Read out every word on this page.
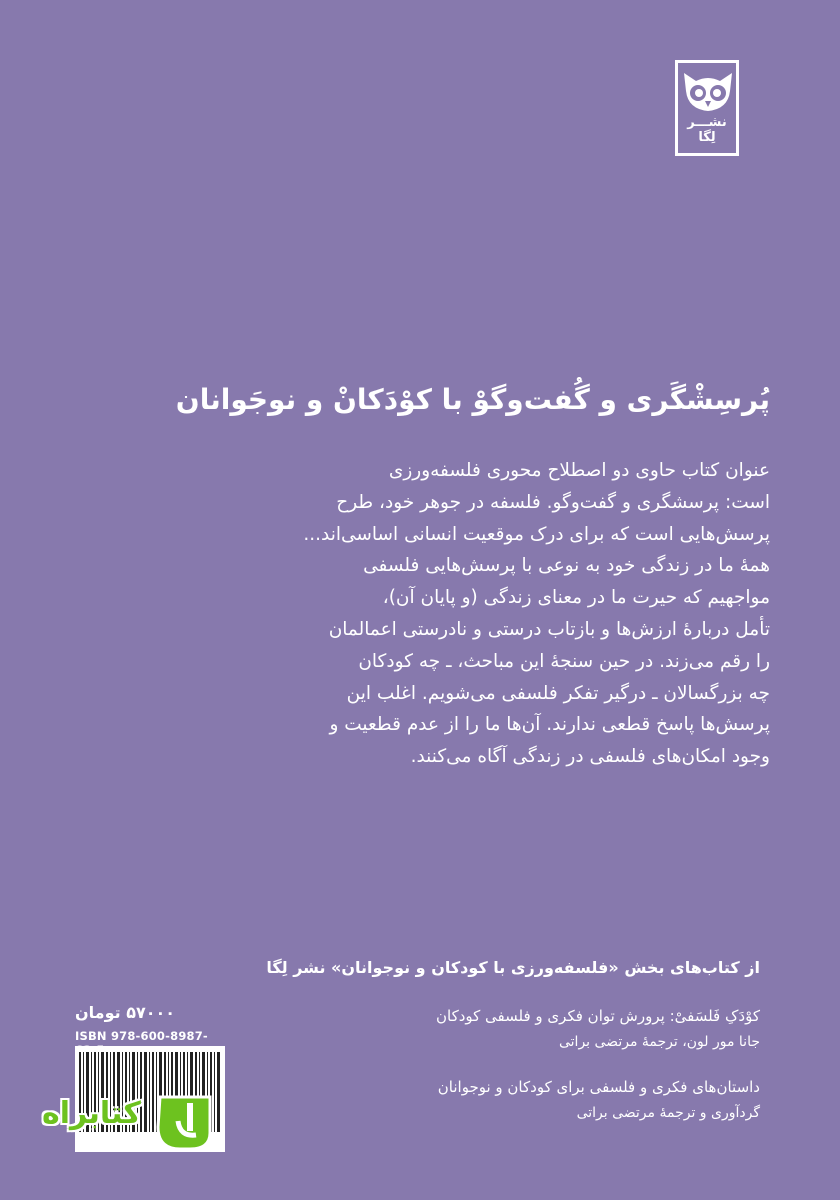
نشـــر لِگا
پُرسِشْگَری و گُفت‌وگوْ با کوْدَکانْ و نوجَوانان
عنوان کتاب حاوی دو اصطلاح محوری فلسفه‌ورزی
است: پرسشگری و گفت‌وگو. فلسفه در جوهر خود، طرح
پرسش‌هایی است که برای درک موقعیت انسانی اساسی‌اند...
همهٔ ما در زندگی خود به نوعی با پرسش‌هایی فلسفی
مواجهیم که حیرت ما در معنای زندگی (و پایان آن)،
تأمل دربارهٔ ارزش‌ها و بازتاب درستی و نادرستی اعمالمان
را رقم می‌زند. در حین سنجهٔ این مباحث، ـ چه کودکان
چه بزرگسالان ـ درگیر تفکر فلسفی می‌شویم. اغلب این
پرسش‌ها پاسخ قطعی ندارند. آن‌ها ما را از عدم قطعیت و
وجود امکان‌های فلسفی در زندگی آگاه می‌کنند.
از کتاب‌های بخش «فلسفه‌ورزی با کودکان و نوجوانان» نشر لِگا
کوْدَکِ فَلسَفیْ: پرورش توان فکری و فلسفی کودکان
جانا مور لون، ترجمهٔ مرتضی براتی
داستان‌های فکری و فلسفی برای کودکان و نوجوانان
گردآوری و ترجمهٔ مرتضی براتی
۵۷۰۰۰ تومان
ISBN 978-600-8987-
کتابراه
